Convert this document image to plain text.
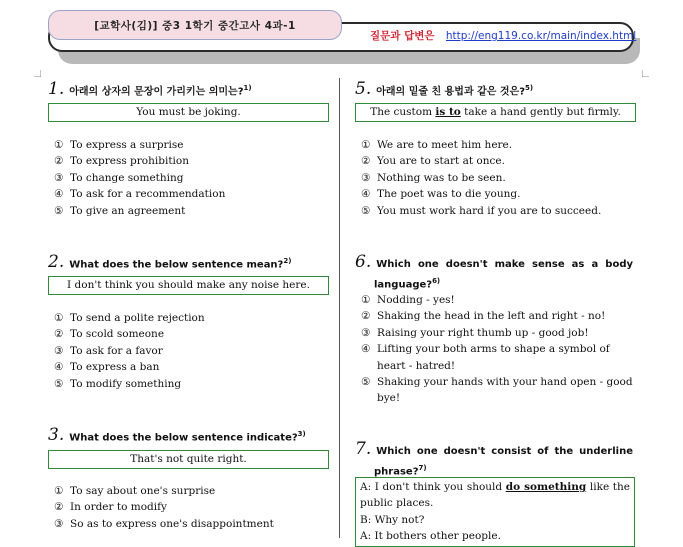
[교학사(김)] 중3 1학기 중간고사 4과-1
질문과 답변은 http://eng119.co.kr/main/index.html
1. 아래의 상자의 문장이 가리키는 의미는?$^{1)}$
You must be joking.
① To express a surprise
② To express prohibition
③ To change something
④ To ask for a recommendation
⑤ To give an agreement
2. What does the below sentence mean?$^{2)}$
I don't think you should make any noise here.
① To send a polite rejection
② To scold someone
③ To ask for a favor
④ To express a ban
⑤ To modify something
3. What does the below sentence indicate?$^{3)}$
That's not quite right.
① To say about one's surprise
② In order to modify
③ So as to express one's disappointment
5. 아래의 밑줄 친 용법과 같은 것은?$^{5)}$
The custom is to take a hand gently but firmly.
① We are to meet him here.
② You are to start at once.
③ Nothing was to be seen.
④ The poet was to die young.
⑤ You must work hard if you are to succeed.
6. Which one doesn't make sense as a body
language?$^{6)}$
① Nodding - yes!
② Shaking the head in the left and right - no!
③ Raising your right thumb up - good job!
④ Lifting your both arms to shape a symbol of
heart - hatred!
⑤ Shaking your hands with your hand open - good
bye!
7. Which one doesn't consist of the underline
phrase?$^{7)}$
A: I don't think you should do something like the
public places.
B: Why not?
A: It bothers other people.
